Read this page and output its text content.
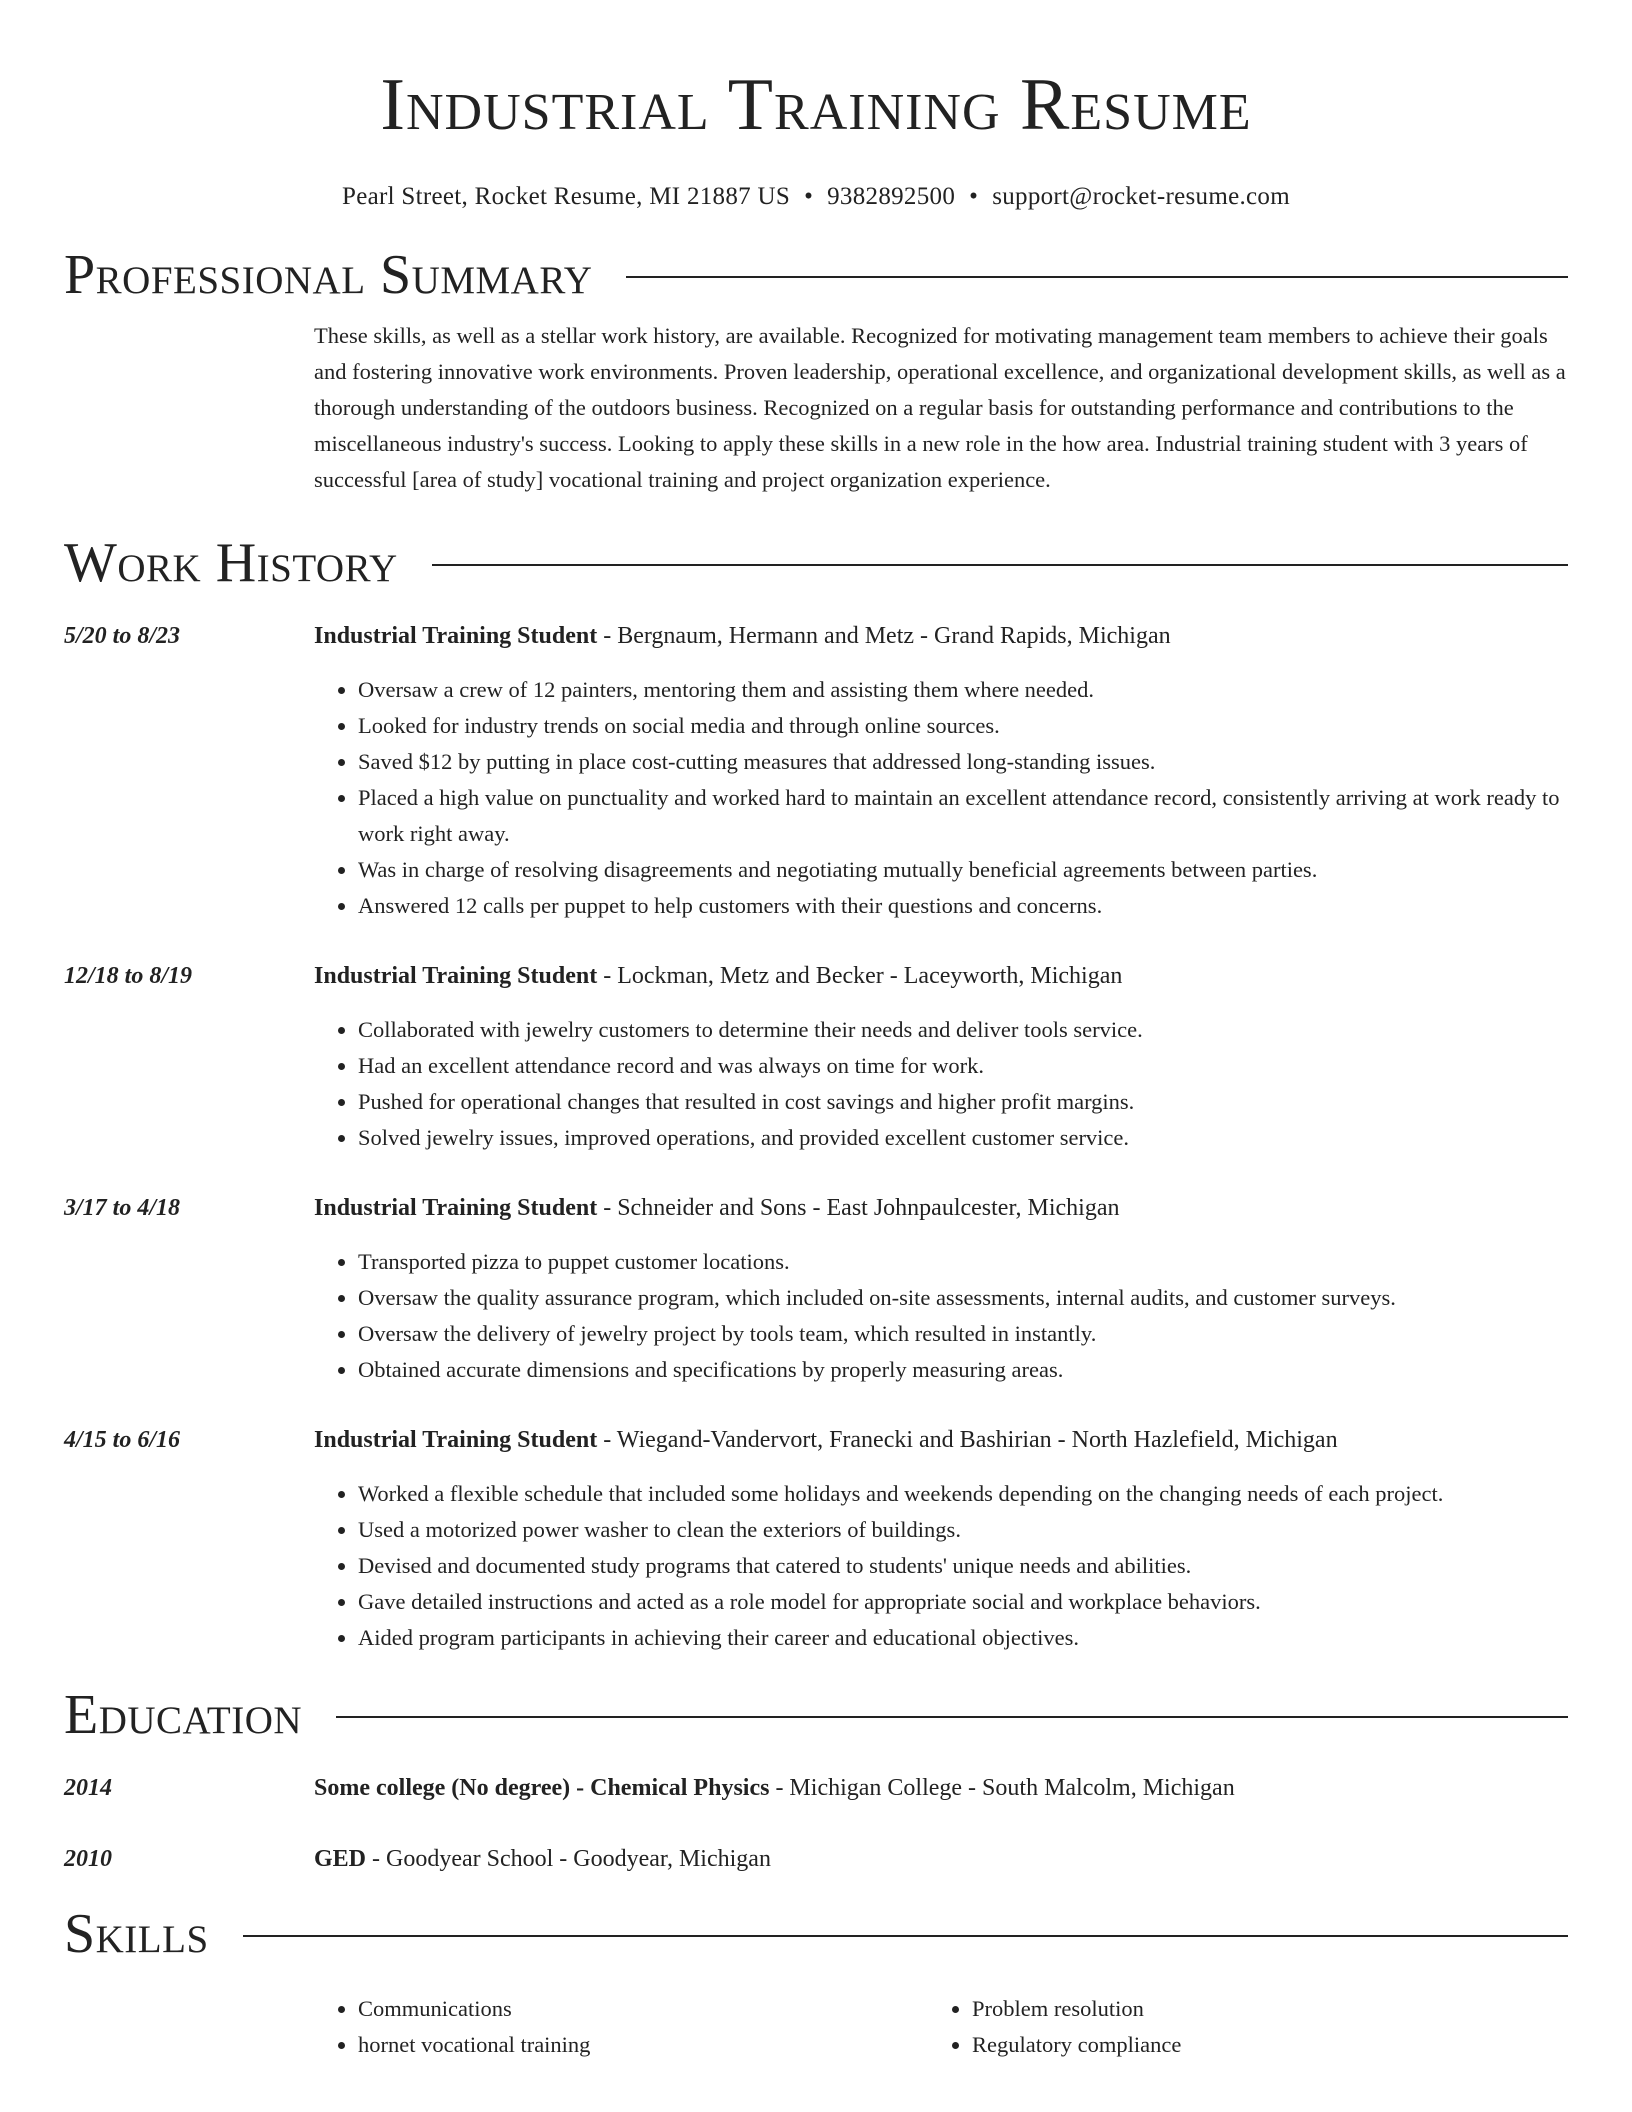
Industrial Training Resume
Pearl Street, Rocket Resume, MI 21887 US • 9382892500 • support@rocket-resume.com
Professional Summary

These skills, as well as a stellar work history, are available. Recognized for motivating management team members to achieve their goals and fostering innovative work environments. Proven leadership, operational excellence, and organizational development skills, as well as a thorough understanding of the outdoors business. Recognized on a regular basis for outstanding performance and contributions to the miscellaneous industry's success. Looking to apply these skills in a new role in the how area. Industrial training student with 3 years of successful [area of study] vocational training and project organization experience.

Work History
5/20 to 8/23	Industrial Training Student - Bergnaum, Hermann and Metz - Grand Rapids, Michigan
• Oversaw a crew of 12 painters, mentoring them and assisting them where needed.
• Looked for industry trends on social media and through online sources.
• Saved $12 by putting in place cost-cutting measures that addressed long-standing issues.
• Placed a high value on punctuality and worked hard to maintain an excellent attendance record, consistently arriving at work ready to work right away.
• Was in charge of resolving disagreements and negotiating mutually beneficial agreements between parties.
• Answered 12 calls per puppet to help customers with their questions and concerns.
12/18 to 8/19	Industrial Training Student - Lockman, Metz and Becker - Laceyworth, Michigan
• Collaborated with jewelry customers to determine their needs and deliver tools service.
• Had an excellent attendance record and was always on time for work.
• Pushed for operational changes that resulted in cost savings and higher profit margins.
• Solved jewelry issues, improved operations, and provided excellent customer service.
3/17 to 4/18	Industrial Training Student - Schneider and Sons - East Johnpaulcester, Michigan
• Transported pizza to puppet customer locations.
• Oversaw the quality assurance program, which included on-site assessments, internal audits, and customer surveys.
• Oversaw the delivery of jewelry project by tools team, which resulted in instantly.
• Obtained accurate dimensions and specifications by properly measuring areas.
4/15 to 6/16	Industrial Training Student - Wiegand-Vandervort, Franecki and Bashirian - North Hazlefield, Michigan
• Worked a flexible schedule that included some holidays and weekends depending on the changing needs of each project.
• Used a motorized power washer to clean the exteriors of buildings.
• Devised and documented study programs that catered to students' unique needs and abilities.
• Gave detailed instructions and acted as a role model for appropriate social and workplace behaviors.
• Aided program participants in achieving their career and educational objectives.
Education
2014	Some college (No degree) - Chemical Physics - Michigan College - South Malcolm, Michigan
2010	GED - Goodyear School - Goodyear, Michigan
Skills
• Communications
• hornet vocational training
• Problem resolution
• Regulatory compliance
